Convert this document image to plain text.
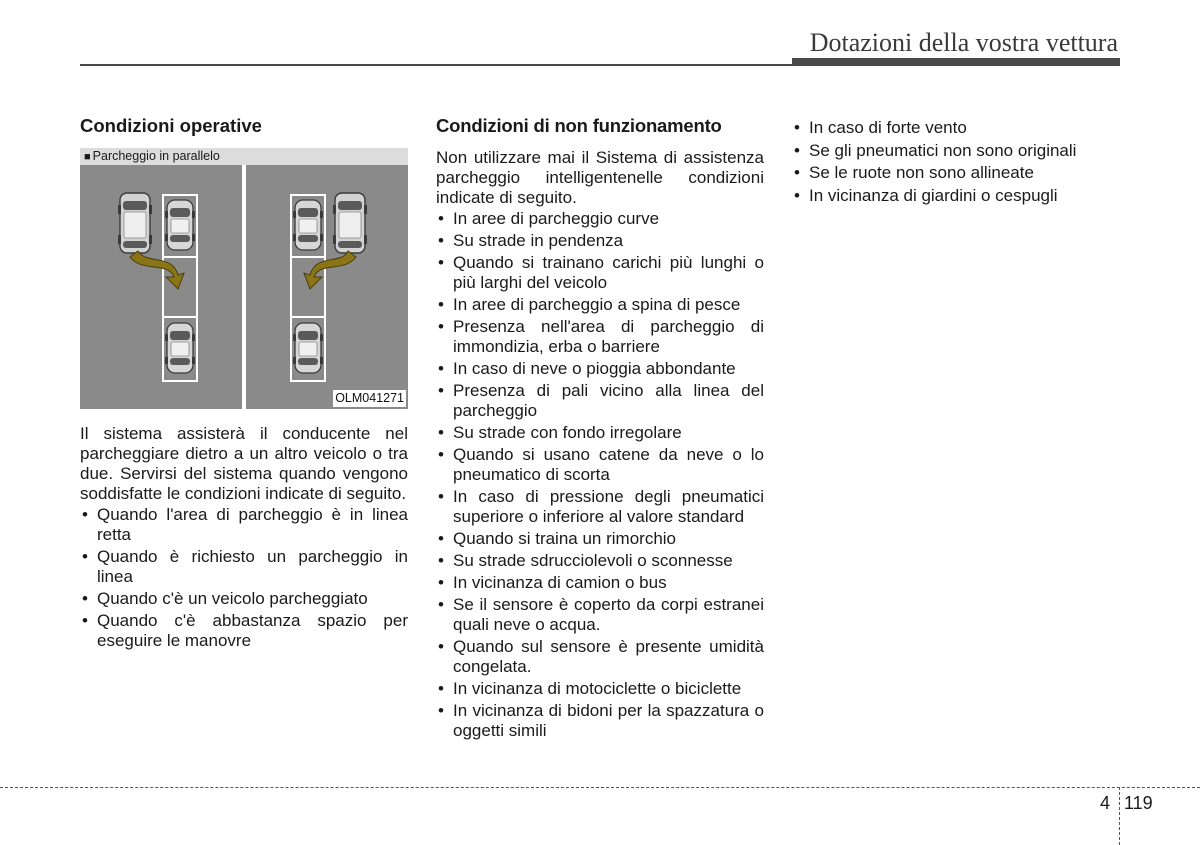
Dotazioni della vostra vettura
Condizioni operative
■ Parcheggio in parallelo
OLM041271

Il sistema assisterà il conducente nel parcheggiare dietro a un altro veicolo o tra due. Servirsi del sistema quando vengono soddisfatte le condizioni indicate di seguito.

• Quando l'area di parcheggio è in linea retta
• Quando è richiesto un parcheggio in linea
• Quando c'è un veicolo parcheggiato
• Quando c'è abbastanza spazio per eseguire le manovre
Condizioni di non funzionamento

Non utilizzare mai il Sistema di assistenza parcheggio intelligentenelle condizioni indicate di seguito.

• In aree di parcheggio curve
• Su strade in pendenza
• Quando si trainano carichi più lunghi o più larghi del veicolo
• In aree di parcheggio a spina di pesce
• Presenza nell'area di parcheggio di immondizia, erba o barriere
• In caso di neve o pioggia abbondante
• Presenza di pali vicino alla linea del parcheggio
• Su strade con fondo irregolare
• Quando si usano catene da neve o lo pneumatico di scorta
• In caso di pressione degli pneumatici superiore o inferiore al valore standard
• Quando si traina un rimorchio
• Su strade sdrucciolevoli o sconnesse
• In vicinanza di camion o bus
• Se il sensore è coperto da corpi estranei quali neve o acqua.
• Quando sul sensore è presente umidità congelata.
• In vicinanza di motociclette o biciclette
• In vicinanza di bidoni per la spazzatura o oggetti simili
• In caso di forte vento
• Se gli pneumatici non sono originali
• Se le ruote non sono allineate
• In vicinanza di giardini o cespugli
4 119
